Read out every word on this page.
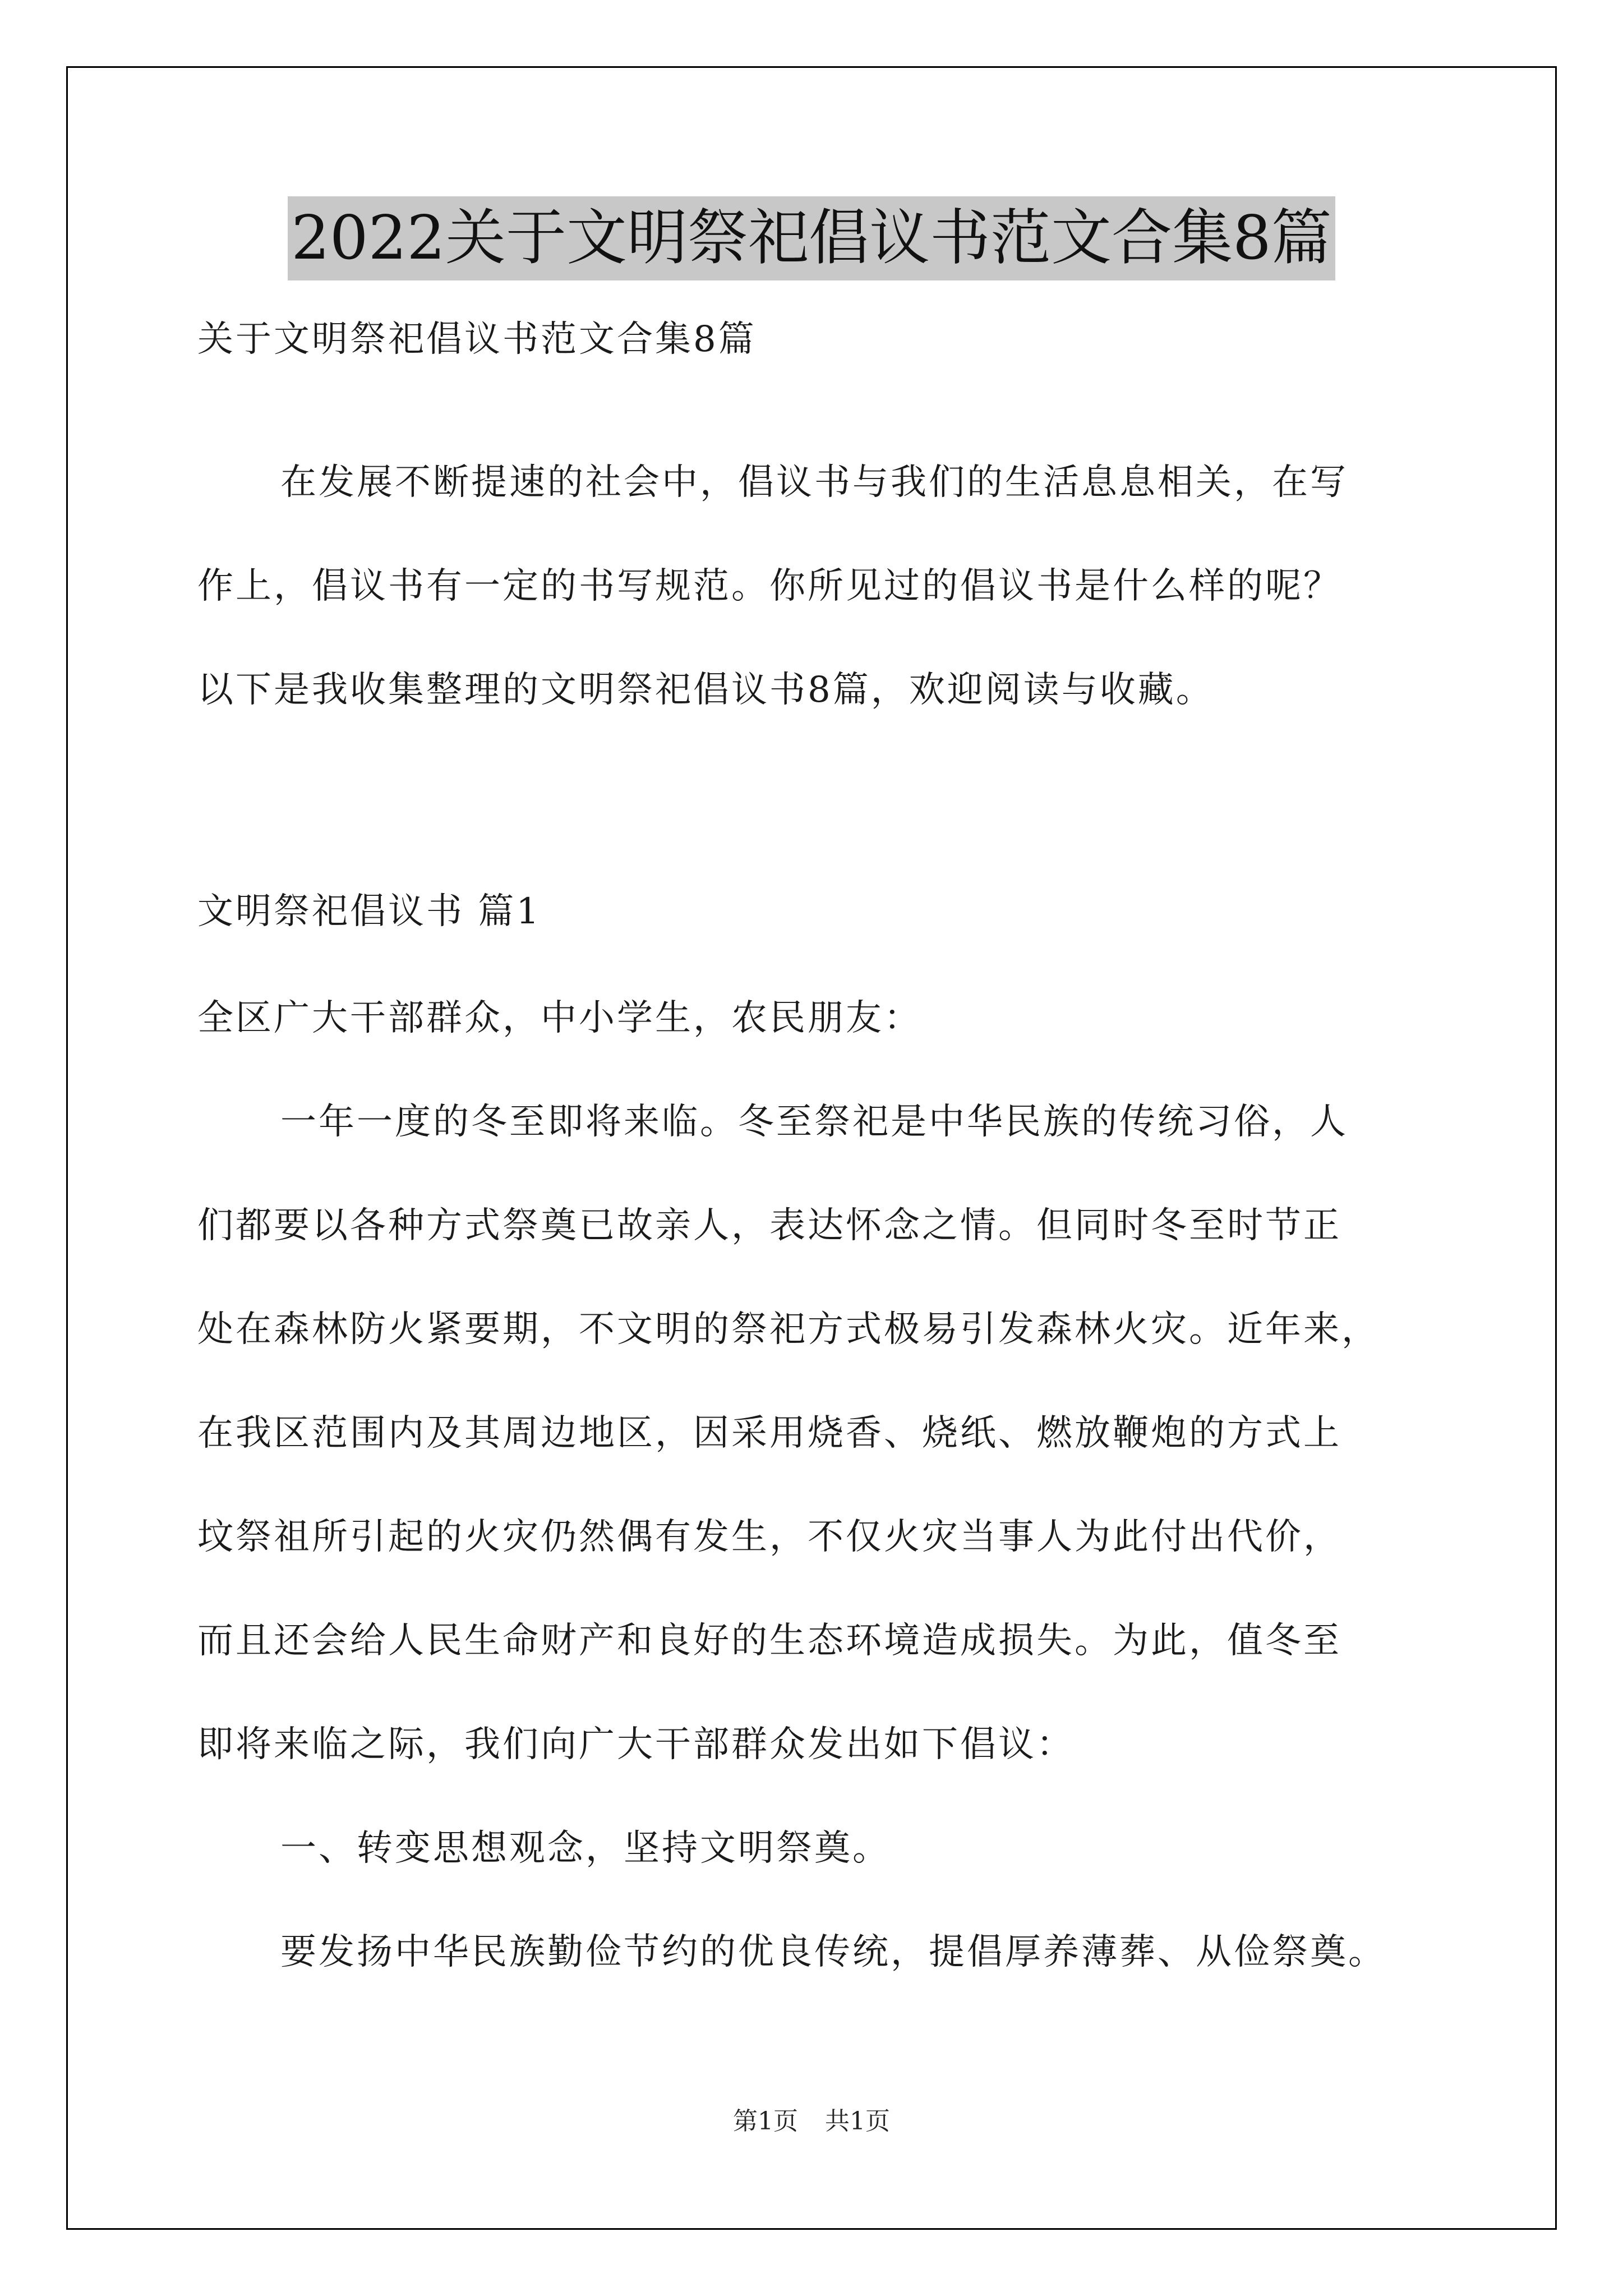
2022关于文明祭祀倡议书范文合集8篇
关于文明祭祀倡议书范文合集8篇
在发展不断提速的社会中，倡议书与我们的生活息息相关，在写
作上，倡议书有一定的书写规范。你所见过的倡议书是什么样的呢？
以下是我收集整理的文明祭祀倡议书8篇，欢迎阅读与收藏。
文明祭祀倡议书 篇1
全区广大干部群众，中小学生，农民朋友：
一年一度的冬至即将来临。冬至祭祀是中华民族的传统习俗，人
们都要以各种方式祭奠已故亲人，表达怀念之情。但同时冬至时节正
处在森林防火紧要期，不文明的祭祀方式极易引发森林火灾。近年来，
在我区范围内及其周边地区，因采用烧香、烧纸、燃放鞭炮的方式上
坟祭祖所引起的火灾仍然偶有发生，不仅火灾当事人为此付出代价，
而且还会给人民生命财产和良好的生态环境造成损失。为此，值冬至
即将来临之际，我们向广大干部群众发出如下倡议：
一、转变思想观念，坚持文明祭奠。
要发扬中华民族勤俭节约的优良传统，提倡厚养薄葬、从俭祭奠。
第1页 共1页
